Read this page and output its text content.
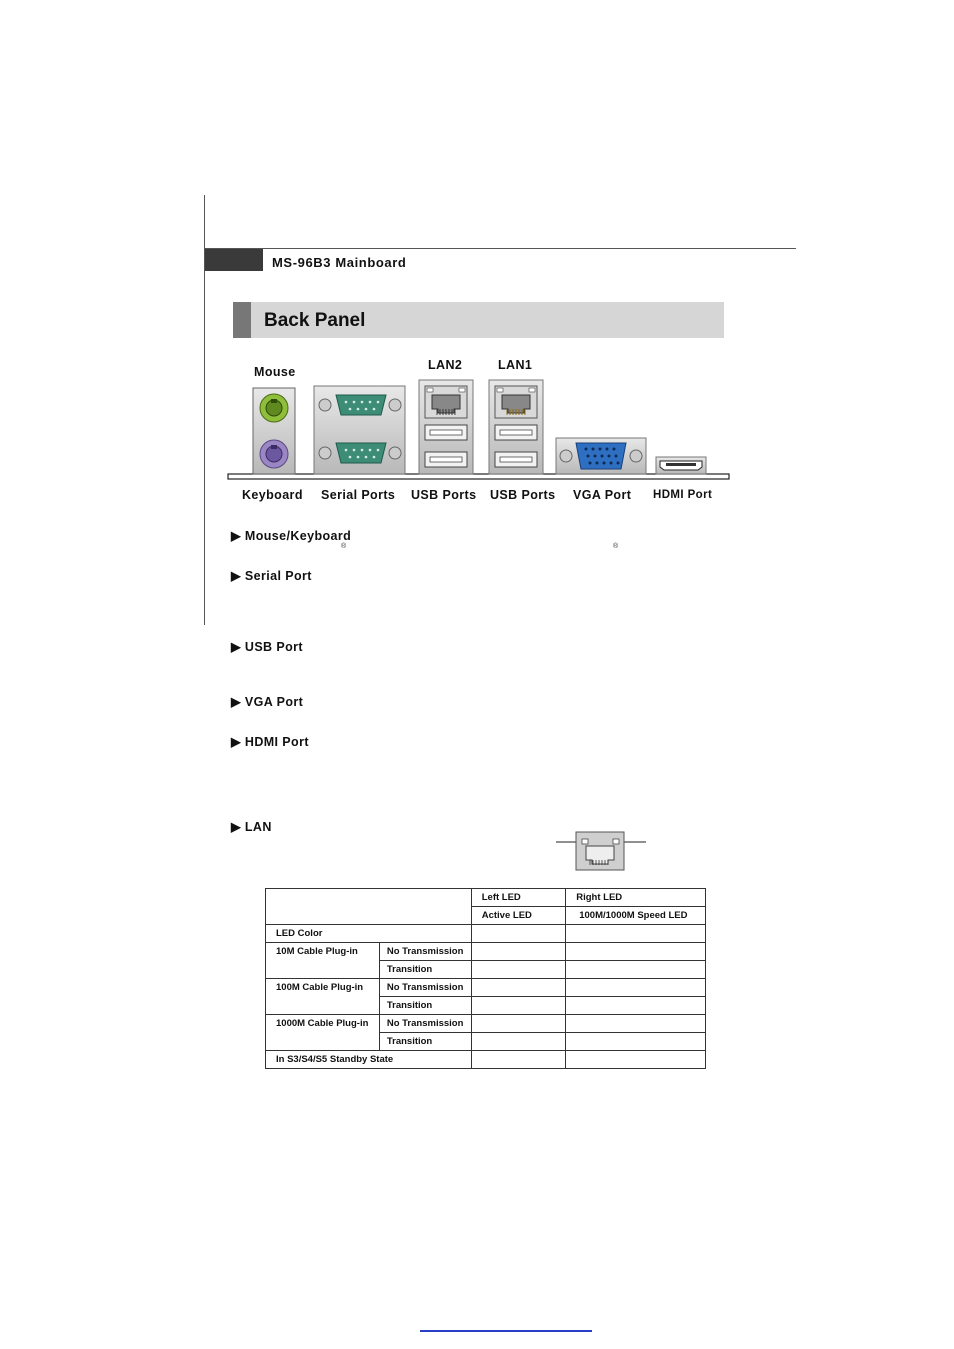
MS-96B3 Mainboard
Back Panel
Mouse	LAN2	LAN1
Keyboard Serial Ports USB Ports USB Ports VGA Port HDMI Port
▶ Mouse/Keyboard
®	®
▶ Serial Port
▶ USB Port
▶ VGA Port
▶ HDMI Port
▶ LAN
		Left LED	Right LED
		Active LED	100M/1000M Speed LED
LED Color			
10M Cable Plug-in	No Transmission		
	Transition		
100M Cable Plug-in	No Transmission		
	Transition		
1000M Cable Plug-in	No Transmission		
	Transition		
In S3/S4/S5 Standby State			
